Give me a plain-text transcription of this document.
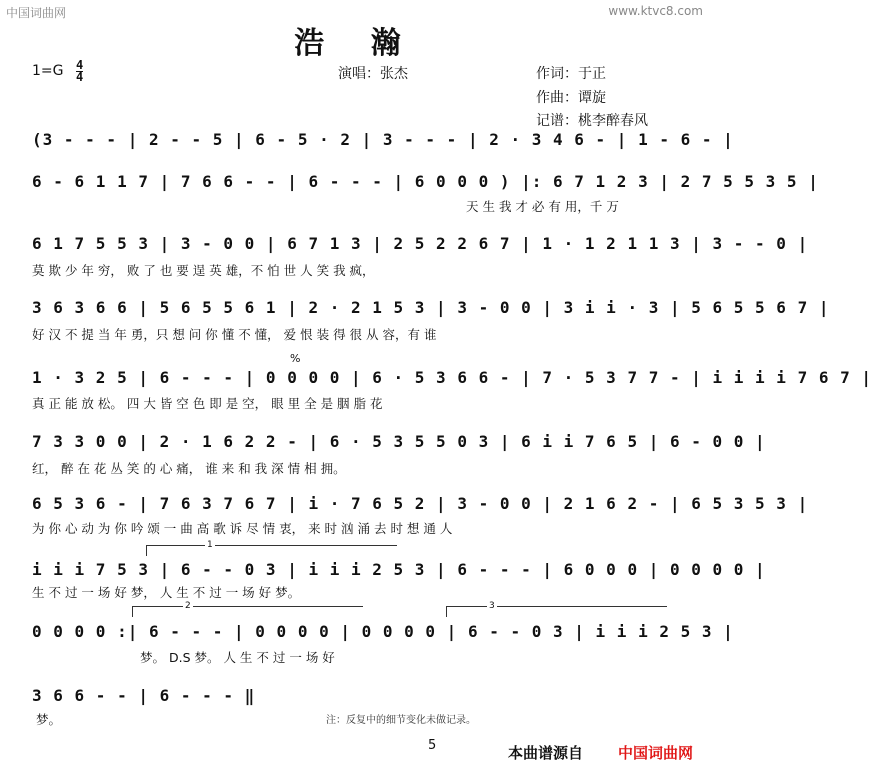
中国词曲网	www.ktvc8.com
浩 瀚
$1=G \frac{4}{4}$	演唱：张杰	作词：于正
作曲：谭旋
记谱：桃李醉春风
(3 - - - | 2 - - 5 | 6 - 5 · 2 | 3 - - - | 2 · 3 4 6 - | 1 - 6 - |
6 - 6 1 1 7 | 7 6 6 - - | 6 - - - | 6 0 0 0 ) |: 6 7 1 2 3 | 2 7 5 5 3 5 |
天 生 我 才 必 有 用，千 万
6 1 7 5 5 3 | 3 - 0 0 | 6 7 1 3 | 2 5 2 2 6 7 | 1 · 1 2 1 1 3 | 3 - - 0 |
莫 欺 少 年 穷， 败 了 也 要 逞 英 雄，不 怕 世 人 笑 我 疯，
3 6 3 6 6 | 5 6 5 5 6 1 | 2 · 2 1 5 3 | 3 - 0 0 | 3 i i · 3 | 5 6 5 5 6 7 |
好 汉 不 提 当 年 勇，只 想 问 你 懂 不 懂， 爱 恨 装 得 很 从 容，有 谁
%
1 · 3 2 5 | 6 - - - | 0 0 0 0 | 6 · 5 3 6 6 - | 7 · 5 3 7 7 - | i i i i 7 6 7 |
真 正 能 放 松。 四 大 皆 空 色 即 是 空， 眼 里 全 是 胭 脂 花
7 3 3 0 0 | 2 · 1 6 2 2 - | 6 · 5 3 5 5 0 3 | 6 i i 7 6 5 | 6 - 0 0 |
红， 醉 在 花 丛 笑 的 心 痛， 谁 来 和 我 深 情 相 拥。
6 5 3 6 - | 7 6 3 7 6 7 | i · 7 6 5 2 | 3 - 0 0 | 2 1 6 2 - | 6 5 3 5 3 |
为 你 心 动 为 你 吟 颂 一 曲 高 歌 诉 尽 情 衷， 来 时 汹 涌 去 时 想 通 人
1
i i i 7 5 3 | 6 - - 0 3 | i i i 2 5 3 | 6 - - - | 6 0 0 0 | 0 0 0 0 |
生 不 过 一 场 好 梦， 人 生 不 过 一 场 好 梦。
2	3
0 0 0 0 :| 6 - - - | 0 0 0 0 | 0 0 0 0 | 6 - - 0 3 | i i i 2 5 3 |
梦。 D.S 梦。 人 生 不 过 一 场 好
3 6 6 - - | 6 - - - ‖
梦。	注：反复中的细节变化未做记录。
5	本曲谱源自 中国词曲网
